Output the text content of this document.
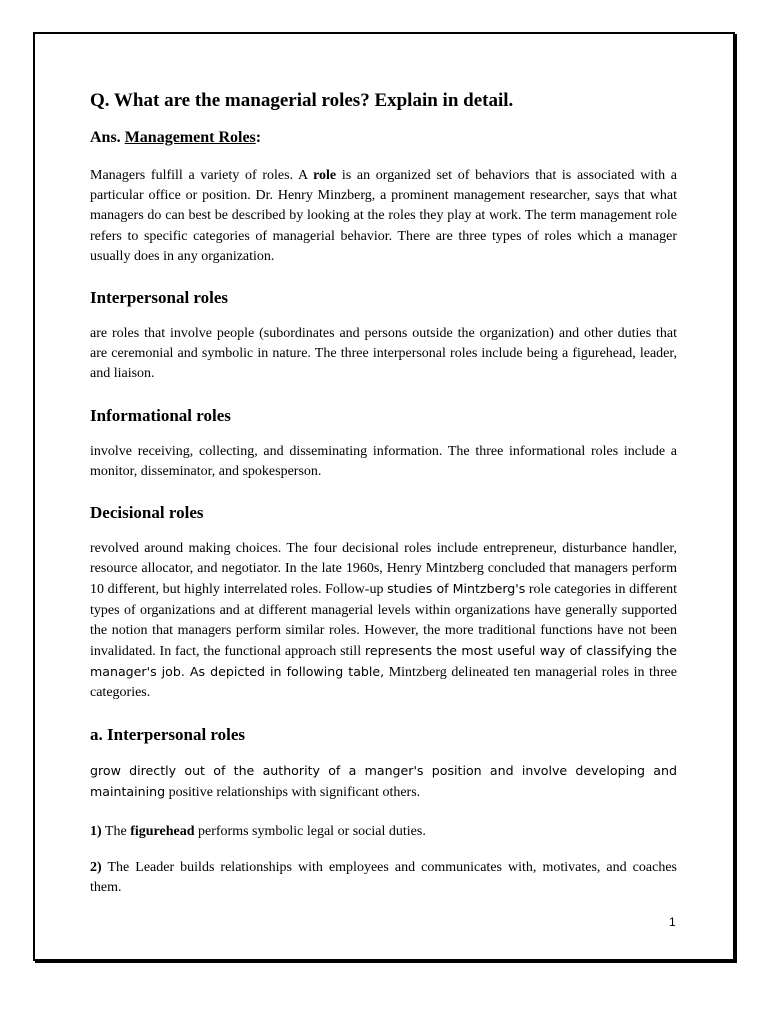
Q. What are the managerial roles? Explain in detail.
Ans. Management Roles:

Managers fulfill a variety of roles. A role is an organized set of behaviors that is associated with a particular office or position. Dr. Henry Minzberg, a prominent management researcher, says that what managers do can best be described by looking at the roles they play at work. The term management role refers to specific categories of managerial behavior. There are three types of roles which a manager usually does in any organization.

Interpersonal roles

are roles that involve people (subordinates and persons outside the organization) and other duties that are ceremonial and symbolic in nature. The three interpersonal roles include being a figurehead, leader, and liaison.

Informational roles

involve receiving, collecting, and disseminating information. The three informational roles include a monitor, disseminator, and spokesperson.

Decisional roles

revolved around making choices. The four decisional roles include entrepreneur, disturbance handler, resource allocator, and negotiator. In the late 1960s, Henry Mintzberg concluded that managers perform 10 different, but highly interrelated roles. Follow-up studies of Mintzberg's role categories in different types of organizations and at different managerial levels within organizations have generally supported the notion that managers perform similar roles. However, the more traditional functions have not been invalidated. In fact, the functional approach still represents the most useful way of classifying the manager's job. As depicted in following table, Mintzberg delineated ten managerial roles in three categories.

a. Interpersonal roles

grow directly out of the authority of a manger's position and involve developing and maintaining positive relationships with significant others.

1) The figurehead performs symbolic legal or social duties.

2) The Leader builds relationships with employees and communicates with, motivates, and coaches them.

1
